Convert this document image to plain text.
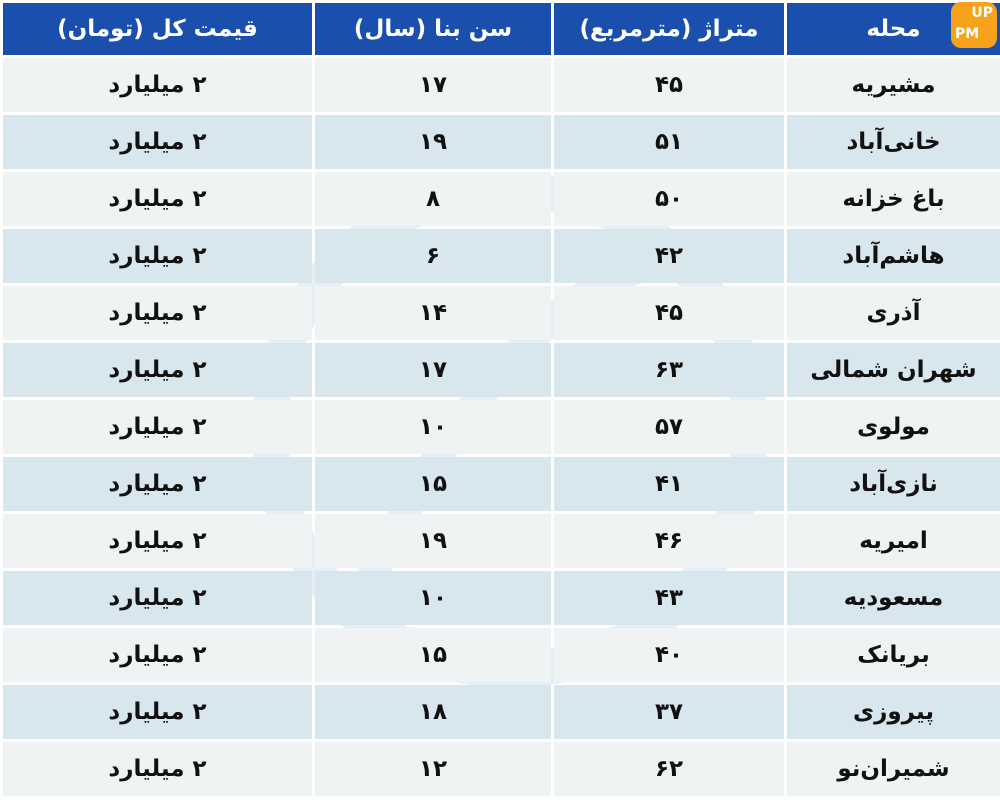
محله	متراژ (مترمربع)	سن بنا (سال)	قیمت کل (تومان)
مشیریه	۴۵	۱۷	۲ میلیارد
خانی‌آباد	۵۱	۱۹	۲ میلیارد
باغ خزانه	۵۰	۸	۲ میلیارد
هاشم‌آباد	۴۲	۶	۲ میلیارد
آذری	۴۵	۱۴	۲ میلیارد
شهران شمالی	۶۳	۱۷	۲ میلیارد
مولوی	۵۷	۱۰	۲ میلیارد
نازی‌آباد	۴۱	۱۵	۲ میلیارد
امیریه	۴۶	۱۹	۲ میلیارد
مسعودیه	۴۳	۱۰	۲ میلیارد
بریانک	۴۰	۱۵	۲ میلیارد
پیروزی	۳۷	۱۸	۲ میلیارد
شمیران‌نو	۶۲	۱۲	۲ میلیارد
UP
PM
